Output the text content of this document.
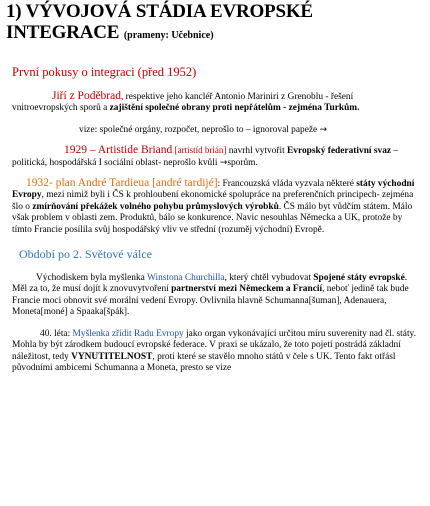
1) VÝVOJOVÁ STÁDIA EVROPSKÉ INTEGRACE (prameny: Učebnice)
První pokusy o integraci (před 1952)

Jiří z Poděbrad, respektive jeho kancléř Antonio Mariniri z Grenoblu - řešení vnitroevropských sporů a zajištění společné obrany proti nepřátelům - zejména Turkům.

vize: společné orgány, rozpočet, neprošlo to – ignoroval papeže →

1929 – Artistide Briand [artistíd brián] navrhl vytvořit Evropský federativní svaz – politická, hospodářská I sociální oblast- neprošlo kvůli →sporům.

1932- plan André Tardieua [andré tardijé]: Francouzská vláda vyzvala některé státy východní Evropy, mezi nimiž byli i ČS k prohloubení ekonomické spolupráce na preferenčních principech- zejména šlo o zmírňování překážek volného pohybu průmyslových výrobků. ČS málo byt vůdčím státem. Málo však problem v oblasti zem. Produktů, bálo se konkurence. Navic nesouhlas Německa a UK, protože by tímto Francie posílila svůj hospodářský vliv ve střední (rozuměj východní) Evropě.

Období po 2. Světové válce

Východiskem byla myšlenka Winstona Churchilla, který chtěl vybudovat Spojené státy evropské. Měl za to, že musí dojít k znovuvytvoření partnerství mezi Německem a Francií, neboť jedině tak bude Francie moci obnovit své morální vedení Evropy. Ovlivnila hlavně Schumanna[šuman], Adenauera, Moneta[moné] a Spaaka[špák].

40. léta: Myšlenka zřídit Radu Evropy jako organ vykonávající určitou míru suverenity nad čl. státy. Mohla by být zárodkem budoucí evropské federace. V praxi se ukázalo, že toto pojetí postrádá základní náležitost, tedy VYNUTITELNOST, proti které se stavělo mnoho států v čele s UK. Tento fakt otřásl původními ambicemi Schumanna a Moneta, presto se vize
